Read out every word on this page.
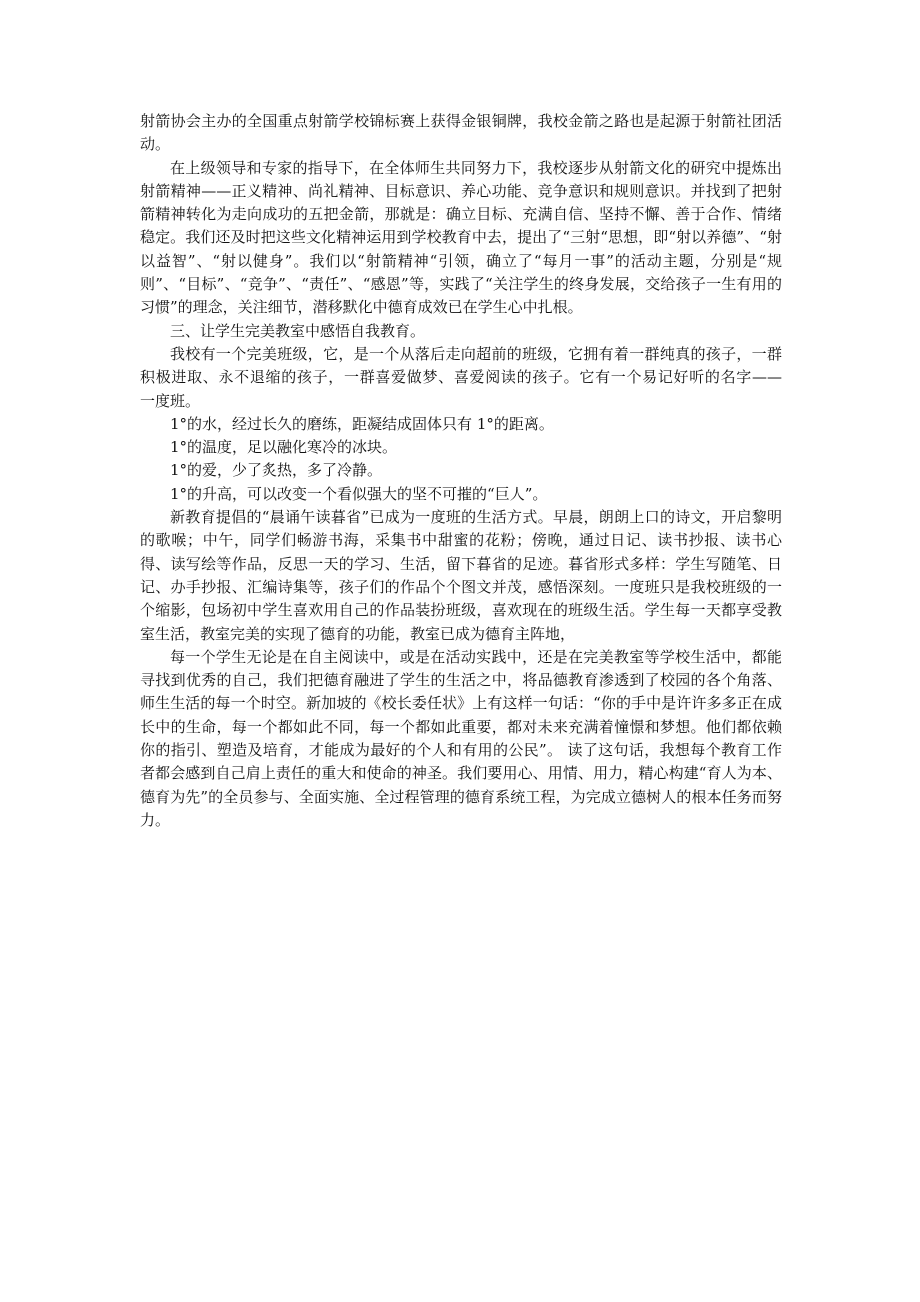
射箭协会主办的全国重点射箭学校锦标赛上获得金银铜牌，我校金箭之路也是起源于射箭社团活动。

在上级领导和专家的指导下，在全体师生共同努力下，我校逐步从射箭文化的研究中提炼出射箭精神——正义精神、尚礼精神、目标意识、养心功能、竞争意识和规则意识。并找到了把射箭精神转化为走向成功的五把金箭，那就是：确立目标、充满自信、坚持不懈、善于合作、情绪稳定。我们还及时把这些文化精神运用到学校教育中去，提出了“三射“思想，即“射以养德”、“射以益智”、“射以健身”。我们以“射箭精神“引领，确立了“每月一事”的活动主题，分别是“规则”、“目标”、“竞争”、“责任”、“感恩”等，实践了“关注学生的终身发展，交给孩子一生有用的习惯”的理念，关注细节，潜移默化中德育成效已在学生心中扎根。

三、让学生完美教室中感悟自我教育。

我校有一个完美班级，它，是一个从落后走向超前的班级，它拥有着一群纯真的孩子，一群积极进取、永不退缩的孩子，一群喜爱做梦、喜爱阅读的孩子。它有一个易记好听的名字——　一度班。

1°的水，经过长久的磨练，距凝结成固体只有 1°的距离。

1°的温度，足以融化寒冷的冰块。

1°的爱，少了炙热，多了冷静。

1°的升高，可以改变一个看似强大的坚不可摧的“巨人”。

新教育提倡的“晨诵午读暮省”已成为一度班的生活方式。早晨，朗朗上口的诗文，开启黎明的歌喉；中午，同学们畅游书海，采集书中甜蜜的花粉；傍晚，通过日记、读书抄报、读书心得、读写绘等作品，反思一天的学习、生活，留下暮省的足迹。暮省形式多样：学生写随笔、日记、办手抄报、汇编诗集等，孩子们的作品个个图文并茂，感悟深刻。一度班只是我校班级的一个缩影，包场初中学生喜欢用自己的作品装扮班级，喜欢现在的班级生活。学生每一天都享受教室生活，教室完美的实现了德育的功能，教室已成为德育主阵地，

每一个学生无论是在自主阅读中，或是在活动实践中，还是在完美教室等学校生活中，都能寻找到优秀的自己，我们把德育融进了学生的生活之中，将品德教育渗透到了校园的各个角落、师生生活的每一个时空。新加坡的《校长委任状》上有这样一句话：“你的手中是许许多多正在成长中的生命，每一个都如此不同，每一个都如此重要，都对未来充满着憧憬和梦想。他们都依赖你的指引、塑造及培育，才能成为最好的个人和有用的公民”。 读了这句话，我想每个教育工作者都会感到自己肩上责任的重大和使命的神圣。我们要用心、用情、用力，精心构建“育人为本、德育为先”的全员参与、全面实施、全过程管理的德育系统工程，为完成立德树人的根本任务而努力。
